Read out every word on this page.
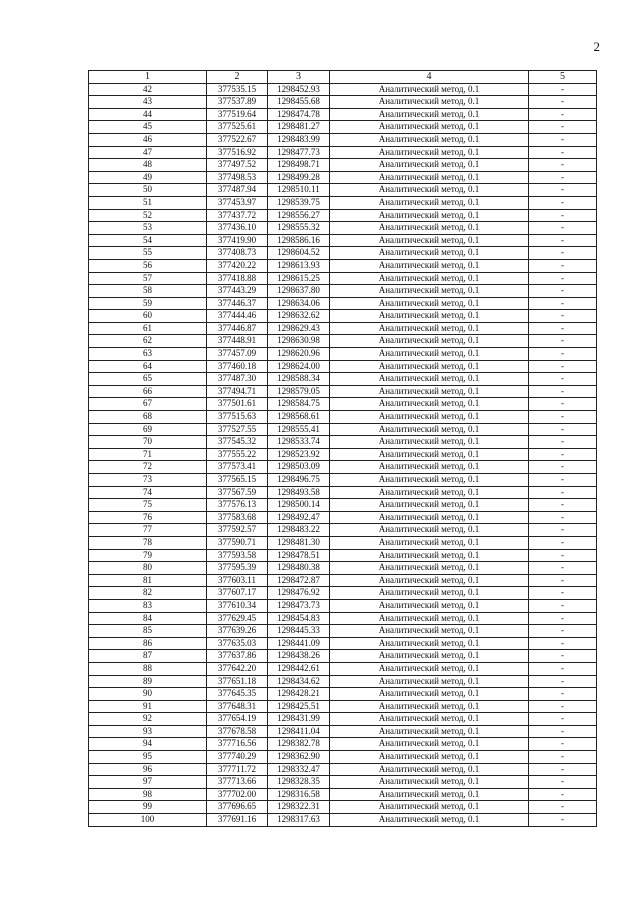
2
1	2	3	4	5
42	377535.15	1298452.93	Аналитический метод, 0.1	-
43	377537.89	1298455.68	Аналитический метод, 0.1	-
44	377519.64	1298474.78	Аналитический метод, 0.1	-
45	377525.61	1298481.27	Аналитический метод, 0.1	-
46	377522.67	1298483.99	Аналитический метод, 0.1	-
47	377516.92	1298477.73	Аналитический метод, 0.1	-
48	377497.52	1298498.71	Аналитический метод, 0.1	-
49	377498.53	1298499.28	Аналитический метод, 0.1	-
50	377487.94	1298510.11	Аналитический метод, 0.1	-
51	377453.97	1298539.75	Аналитический метод, 0.1	-
52	377437.72	1298556.27	Аналитический метод, 0.1	-
53	377436.10	1298555.32	Аналитический метод, 0.1	-
54	377419.90	1298586.16	Аналитический метод, 0.1	-
55	377408.73	1298604.52	Аналитический метод, 0.1	-
56	377420.22	1298613.93	Аналитический метод, 0.1	-
57	377418.88	1298615.25	Аналитический метод, 0.1	-
58	377443.29	1298637.80	Аналитический метод, 0.1	-
59	377446.37	1298634.06	Аналитический метод, 0.1	-
60	377444.46	1298632.62	Аналитический метод, 0.1	-
61	377446.87	1298629.43	Аналитический метод, 0.1	-
62	377448.91	1298630.98	Аналитический метод, 0.1	-
63	377457.09	1298620.96	Аналитический метод, 0.1	-
64	377460.18	1298624.00	Аналитический метод, 0.1	-
65	377487.30	1298588.34	Аналитический метод, 0.1	-
66	377494.71	1298579.05	Аналитический метод, 0.1	-
67	377501.61	1298584.75	Аналитический метод, 0.1	-
68	377515.63	1298568.61	Аналитический метод, 0.1	-
69	377527.55	1298555.41	Аналитический метод, 0.1	-
70	377545.32	1298533.74	Аналитический метод, 0.1	-
71	377555.22	1298523.92	Аналитический метод, 0.1	-
72	377573.41	1298503.09	Аналитический метод, 0.1	-
73	377565.15	1298496.75	Аналитический метод, 0.1	-
74	377567.59	1298493.58	Аналитический метод, 0.1	-
75	377576.13	1298500.14	Аналитический метод, 0.1	-
76	377583.68	1298492.47	Аналитический метод, 0.1	-
77	377592.57	1298483.22	Аналитический метод, 0.1	-
78	377590.71	1298481.30	Аналитический метод, 0.1	-
79	377593.58	1298478.51	Аналитический метод, 0.1	-
80	377595.39	1298480.38	Аналитический метод, 0.1	-
81	377603.11	1298472.87	Аналитический метод, 0.1	-
82	377607.17	1298476.92	Аналитический метод, 0.1	-
83	377610.34	1298473.73	Аналитический метод, 0.1	-
84	377629.45	1298454.83	Аналитический метод, 0.1	-
85	377639.26	1298445.33	Аналитический метод, 0.1	-
86	377635.03	1298441.09	Аналитический метод, 0.1	-
87	377637.86	1298438.26	Аналитический метод, 0.1	-
88	377642.20	1298442.61	Аналитический метод, 0.1	-
89	377651.18	1298434.62	Аналитический метод, 0.1	-
90	377645.35	1298428.21	Аналитический метод, 0.1	-
91	377648.31	1298425.51	Аналитический метод, 0.1	-
92	377654.19	1298431.99	Аналитический метод, 0.1	-
93	377678.58	1298411.04	Аналитический метод, 0.1	-
94	377716.56	1298382.78	Аналитический метод, 0.1	-
95	377740.29	1298362.90	Аналитический метод, 0.1	-
96	377711.72	1298332.47	Аналитический метод, 0.1	-
97	377713.66	1298328.35	Аналитический метод, 0.1	-
98	377702.00	1298316.58	Аналитический метод, 0.1	-
99	377696.65	1298322.31	Аналитический метод, 0.1	-
100	377691.16	1298317.63	Аналитический метод, 0.1	-
